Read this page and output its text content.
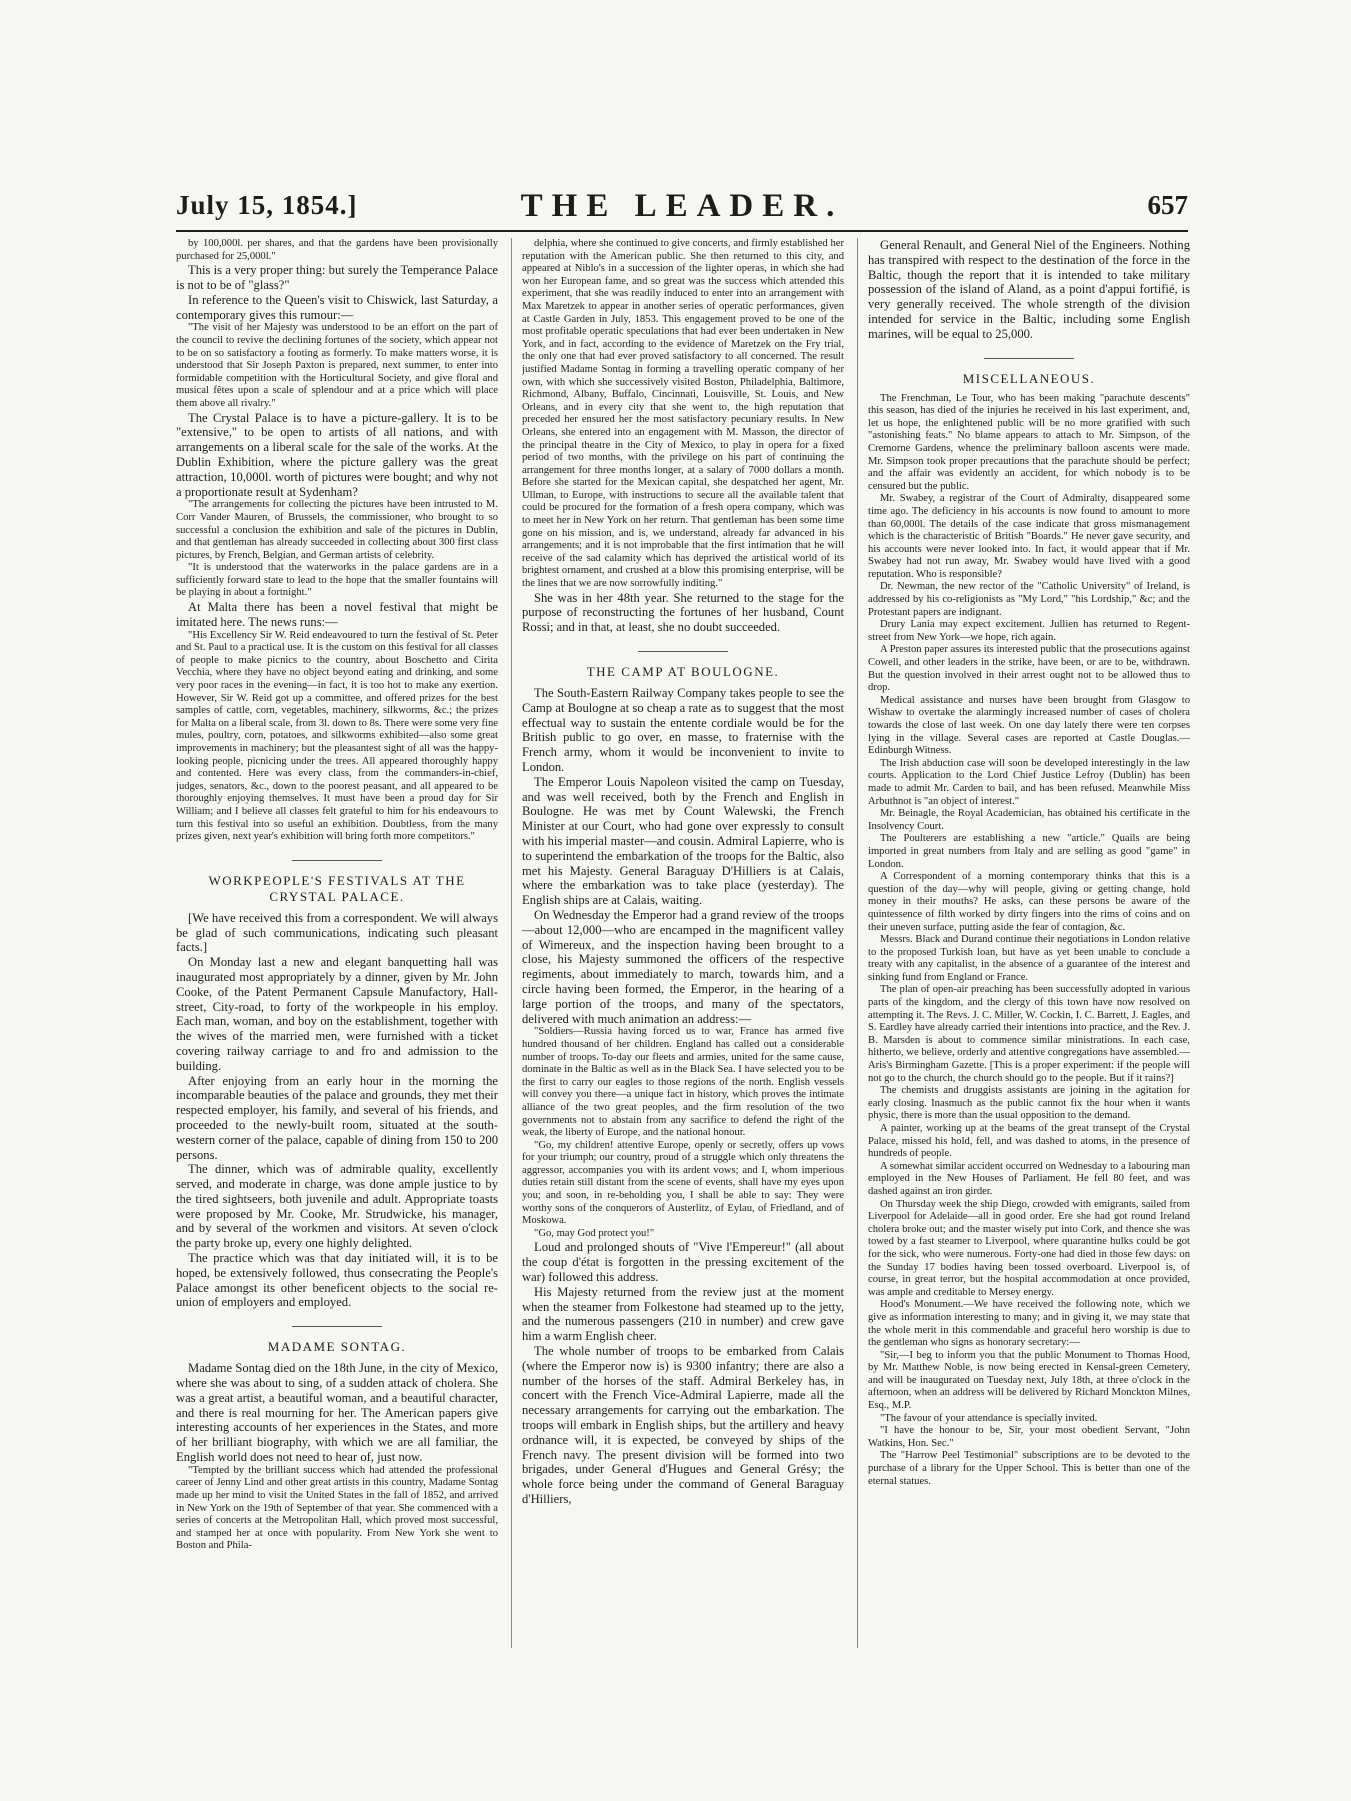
July 15, 1854.]	THE LEADER.	657

by 100,000l. per shares, and that the gardens have been provisionally purchased for 25,000l."

This is a very proper thing: but surely the Temperance Palace is not to be of "glass?"

In reference to the Queen's visit to Chiswick, last Saturday, a contemporary gives this rumour:—

"The visit of her Majesty was understood to be an effort on the part of the council to revive the declining fortunes of the society, which appear not to be on so satisfactory a footing as formerly. To make matters worse, it is understood that Sir Joseph Paxton is prepared, next summer, to enter into formidable competition with the Horticultural Society, and give floral and musical fêtes upon a scale of splendour and at a price which will place them above all rivalry."

The Crystal Palace is to have a picture-gallery. It is to be "extensive," to be open to artists of all nations, and with arrangements on a liberal scale for the sale of the works. At the Dublin Exhibition, where the picture gallery was the great attraction, 10,000l. worth of pictures were bought; and why not a proportionate result at Sydenham?

"The arrangements for collecting the pictures have been intrusted to M. Corr Vander Mauren, of Brussels, the commissioner, who brought to so successful a conclusion the exhibition and sale of the pictures in Dublin, and that gentleman has already succeeded in collecting about 300 first class pictures, by French, Belgian, and German artists of celebrity.

"It is understood that the waterworks in the palace gardens are in a sufficiently forward state to lead to the hope that the smaller fountains will be playing in about a fortnight."

At Malta there has been a novel festival that might be imitated here. The news runs:—

"His Excellency Sir W. Reid endeavoured to turn the festival of St. Peter and St. Paul to a practical use. It is the custom on this festival for all classes of people to make picnics to the country, about Boschetto and Cirita Vecchia, where they have no object beyond eating and drinking, and some very poor races in the evening—in fact, it is too hot to make any exertion. However, Sir W. Reid got up a committee, and offered prizes for the best samples of cattle, corn, vegetables, machinery, silkworms, &c.; the prizes for Malta on a liberal scale, from 3l. down to 8s. There were some very fine mules, poultry, corn, potatoes, and silkworms exhibited—also some great improvements in machinery; but the pleasantest sight of all was the happy-looking people, picnicing under the trees. All appeared thoroughly happy and contented. Here was every class, from the commanders-in-chief, judges, senators, &c., down to the poorest peasant, and all appeared to be thoroughly enjoying themselves. It must have been a proud day for Sir William; and I believe all classes felt grateful to him for his endeavours to turn this festival into so useful an exhibition. Doubtless, from the many prizes given, next year's exhibition will bring forth more competitors."

WORKPEOPLE'S FESTIVALS AT THE CRYSTAL PALACE.

[We have received this from a correspondent. We will always be glad of such communications, indicating such pleasant facts.]

On Monday last a new and elegant banquetting hall was inaugurated most appropriately by a dinner, given by Mr. John Cooke, of the Patent Permanent Capsule Manufactory, Hall-street, City-road, to forty of the workpeople in his employ. Each man, woman, and boy on the establishment, together with the wives of the married men, were furnished with a ticket covering railway carriage to and fro and admission to the building.

After enjoying from an early hour in the morning the incomparable beauties of the palace and grounds, they met their respected employer, his family, and several of his friends, and proceeded to the newly-built room, situated at the south-western corner of the palace, capable of dining from 150 to 200 persons.

The dinner, which was of admirable quality, excellently served, and moderate in charge, was done ample justice to by the tired sightseers, both juvenile and adult. Appropriate toasts were proposed by Mr. Cooke, Mr. Strudwicke, his manager, and by several of the workmen and visitors. At seven o'clock the party broke up, every one highly delighted.

The practice which was that day initiated will, it is to be hoped, be extensively followed, thus consecrating the People's Palace amongst its other beneficent objects to the social re-union of employers and employed.

MADAME SONTAG.

Madame Sontag died on the 18th June, in the city of Mexico, where she was about to sing, of a sudden attack of cholera. She was a great artist, a beautiful woman, and a beautiful character, and there is real mourning for her. The American papers give interesting accounts of her experiences in the States, and more of her brilliant biography, with which we are all familiar, the English world does not need to hear of, just now.

"Tempted by the brilliant success which had attended the professional career of Jenny Lind and other great artists in this country, Madame Sontag made up her mind to visit the United States in the fall of 1852, and arrived in New York on the 19th of September of that year. She commenced with a series of concerts at the Metropolitan Hall, which proved most successful, and stamped her at once with popularity. From New York she went to Boston and Phila-

delphia, where she continued to give concerts, and firmly established her reputation with the American public. She then returned to this city, and appeared at Niblo's in a succession of the lighter operas, in which she had won her European fame, and so great was the success which attended this experiment, that she was readily induced to enter into an arrangement with Max Maretzek to appear in another series of operatic performances, given at Castle Garden in July, 1853. This engagement proved to be one of the most profitable operatic speculations that had ever been undertaken in New York, and in fact, according to the evidence of Maretzek on the Fry trial, the only one that had ever proved satisfactory to all concerned. The result justified Madame Sontag in forming a travelling operatic company of her own, with which she successively visited Boston, Philadelphia, Baltimore, Richmond, Albany, Buffalo, Cincinnati, Louisville, St. Louis, and New Orleans, and in every city that she went to, the high reputation that preceded her ensured her the most satisfactory pecuniary results. In New Orleans, she entered into an engagement with M. Masson, the director of the principal theatre in the City of Mexico, to play in opera for a fixed period of two months, with the privilege on his part of continuing the arrangement for three months longer, at a salary of 7000 dollars a month. Before she started for the Mexican capital, she despatched her agent, Mr. Ullman, to Europe, with instructions to secure all the available talent that could be procured for the formation of a fresh opera company, which was to meet her in New York on her return. That gentleman has been some time gone on his mission, and is, we understand, already far advanced in his arrangements; and it is not improbable that the first intimation that he will receive of the sad calamity which has deprived the artistical world of its brightest ornament, and crushed at a blow this promising enterprise, will be the lines that we are now sorrowfully inditing."

She was in her 48th year. She returned to the stage for the purpose of reconstructing the fortunes of her husband, Count Rossi; and in that, at least, she no doubt succeeded.

THE CAMP AT BOULOGNE.

The South-Eastern Railway Company takes people to see the Camp at Boulogne at so cheap a rate as to suggest that the most effectual way to sustain the entente cordiale would be for the British public to go over, en masse, to fraternise with the French army, whom it would be inconvenient to invite to London.

The Emperor Louis Napoleon visited the camp on Tuesday, and was well received, both by the French and English in Boulogne. He was met by Count Walewski, the French Minister at our Court, who had gone over expressly to consult with his imperial master—and cousin. Admiral Lapierre, who is to superintend the embarkation of the troops for the Baltic, also met his Majesty. General Baraguay D'Hilliers is at Calais, where the embarkation was to take place (yesterday). The English ships are at Calais, waiting.

On Wednesday the Emperor had a grand review of the troops—about 12,000—who are encamped in the magnificent valley of Wimereux, and the inspection having been brought to a close, his Majesty summoned the officers of the respective regiments, about immediately to march, towards him, and a circle having been formed, the Emperor, in the hearing of a large portion of the troops, and many of the spectators, delivered with much animation an address:—

"Soldiers—Russia having forced us to war, France has armed five hundred thousand of her children. England has called out a considerable number of troops. To-day our fleets and armies, united for the same cause, dominate in the Baltic as well as in the Black Sea. I have selected you to be the first to carry our eagles to those regions of the north. English vessels will convey you there—a unique fact in history, which proves the intimate alliance of the two great peoples, and the firm resolution of the two governments not to abstain from any sacrifice to defend the right of the weak, the liberty of Europe, and the national honour.

"Go, my children! attentive Europe, openly or secretly, offers up vows for your triumph; our country, proud of a struggle which only threatens the aggressor, accompanies you with its ardent vows; and I, whom imperious duties retain still distant from the scene of events, shall have my eyes upon you; and soon, in re-beholding you, I shall be able to say: They were worthy sons of the conquerors of Austerlitz, of Eylau, of Friedland, and of Moskowa.

"Go, may God protect you!"

Loud and prolonged shouts of "Vive l'Empereur!" (all about the coup d'état is forgotten in the pressing excitement of the war) followed this address.

His Majesty returned from the review just at the moment when the steamer from Folkestone had steamed up to the jetty, and the numerous passengers (210 in number) and crew gave him a warm English cheer.

The whole number of troops to be embarked from Calais (where the Emperor now is) is 9300 infantry; there are also a number of the horses of the staff. Admiral Berkeley has, in concert with the French Vice-Admiral Lapierre, made all the necessary arrangements for carrying out the embarkation. The troops will embark in English ships, but the artillery and heavy ordnance will, it is expected, be conveyed by ships of the French navy. The present division will be formed into two brigades, under General d'Hugues and General Grésy; the whole force being under the command of General Baraguay d'Hilliers,

General Renault, and General Niel of the Engineers. Nothing has transpired with respect to the destination of the force in the Baltic, though the report that it is intended to take military possession of the island of Aland, as a point d'appui fortifié, is very generally received. The whole strength of the division intended for service in the Baltic, including some English marines, will be equal to 25,000.

MISCELLANEOUS.

The Frenchman, Le Tour, who has been making "parachute descents" this season, has died of the injuries he received in his last experiment, and, let us hope, the enlightened public will be no more gratified with such "astonishing feats." No blame appears to attach to Mr. Simpson, of the Cremorne Gardens, whence the preliminary balloon ascents were made. Mr. Simpson took proper precautions that the parachute should be perfect; and the affair was evidently an accident, for which nobody is to be censured but the public.

Mr. Swabey, a registrar of the Court of Admiralty, disappeared some time ago. The deficiency in his accounts is now found to amount to more than 60,000l. The details of the case indicate that gross mismanagement which is the characteristic of British "Boards." He never gave security, and his accounts were never looked into. In fact, it would appear that if Mr. Swabey had not run away, Mr. Swabey would have lived with a good reputation. Who is responsible?

Dr. Newman, the new rector of the "Catholic University" of Ireland, is addressed by his co-religionists as "My Lord," "his Lordship," &c; and the Protestant papers are indignant.

Drury Lania may expect excitement. Jullien has returned to Regent-street from New York—we hope, rich again.

A Preston paper assures its interested public that the prosecutions against Cowell, and other leaders in the strike, have been, or are to be, withdrawn. But the question involved in their arrest ought not to be allowed thus to drop.

Medical assistance and nurses have been brought from Glasgow to Wishaw to overtake the alarmingly increased number of cases of cholera towards the close of last week. On one day lately there were ten corpses lying in the village. Several cases are reported at Castle Douglas.—Edinburgh Witness.

The Irish abduction case will soon be developed interestingly in the law courts. Application to the Lord Chief Justice Lefroy (Dublin) has been made to admit Mr. Carden to bail, and has been refused. Meanwhile Miss Arbuthnot is "an object of interest."

Mr. Beinagle, the Royal Academician, has obtained his certificate in the Insolvency Court.

The Poulterers are establishing a new "article." Quails are being imported in great numbers from Italy and are selling as good "game" in London.

A Correspondent of a morning contemporary thinks that this is a question of the day—why will people, giving or getting change, hold money in their mouths? He asks, can these persons be aware of the quintessence of filth worked by dirty fingers into the rims of coins and on their uneven surface, putting aside the fear of contagion, &c.

Messrs. Black and Durand continue their negotiations in London relative to the proposed Turkish loan, but have as yet been unable to conclude a treaty with any capitalist, in the absence of a guarantee of the interest and sinking fund from England or France.

The plan of open-air preaching has been successfully adopted in various parts of the kingdom, and the clergy of this town have now resolved on attempting it. The Revs. J. C. Miller, W. Cockin, I. C. Barrett, J. Eagles, and S. Eardley have already carried their intentions into practice, and the Rev. J. B. Marsden is about to commence similar ministrations. In each case, hitherto, we believe, orderly and attentive congregations have assembled.—Aris's Birmingham Gazette. [This is a proper experiment: if the people will not go to the church, the church should go to the people. But if it rains?]

The chemists and druggists assistants are joining in the agitation for early closing. Inasmuch as the public cannot fix the hour when it wants physic, there is more than the usual opposition to the demand.

A painter, working up at the beams of the great transept of the Crystal Palace, missed his hold, fell, and was dashed to atoms, in the presence of hundreds of people.

A somewhat similar accident occurred on Wednesday to a labouring man employed in the New Houses of Parliament. He fell 80 feet, and was dashed against an iron girder.

On Thursday week the ship Diego, crowded with emigrants, sailed from Liverpool for Adelaide—all in good order. Ere she had got round Ireland cholera broke out; and the master wisely put into Cork, and thence she was towed by a fast steamer to Liverpool, where quarantine hulks could be got for the sick, who were numerous. Forty-one had died in those few days: on the Sunday 17 bodies having been tossed overboard. Liverpool is, of course, in great terror, but the hospital accommodation at once provided, was ample and creditable to Mersey energy.

Hood's Monument.—We have received the following note, which we give as information interesting to many; and in giving it, we may state that the whole merit in this commendable and graceful hero worship is due to the gentleman who signs as honorary secretary:—

"Sir,—I beg to inform you that the public Monument to Thomas Hood, by Mr. Matthew Noble, is now being erected in Kensal-green Cemetery, and will be inaugurated on Tuesday next, July 18th, at three o'clock in the afternoon, when an address will be delivered by Richard Monckton Milnes, Esq., M.P.

"The favour of your attendance is specially invited.

"I have the honour to be, Sir, your most obedient Servant, "John Watkins, Hon. Sec."

The "Harrow Peel Testimonial" subscriptions are to be devoted to the purchase of a library for the Upper School. This is better than one of the eternal statues.
